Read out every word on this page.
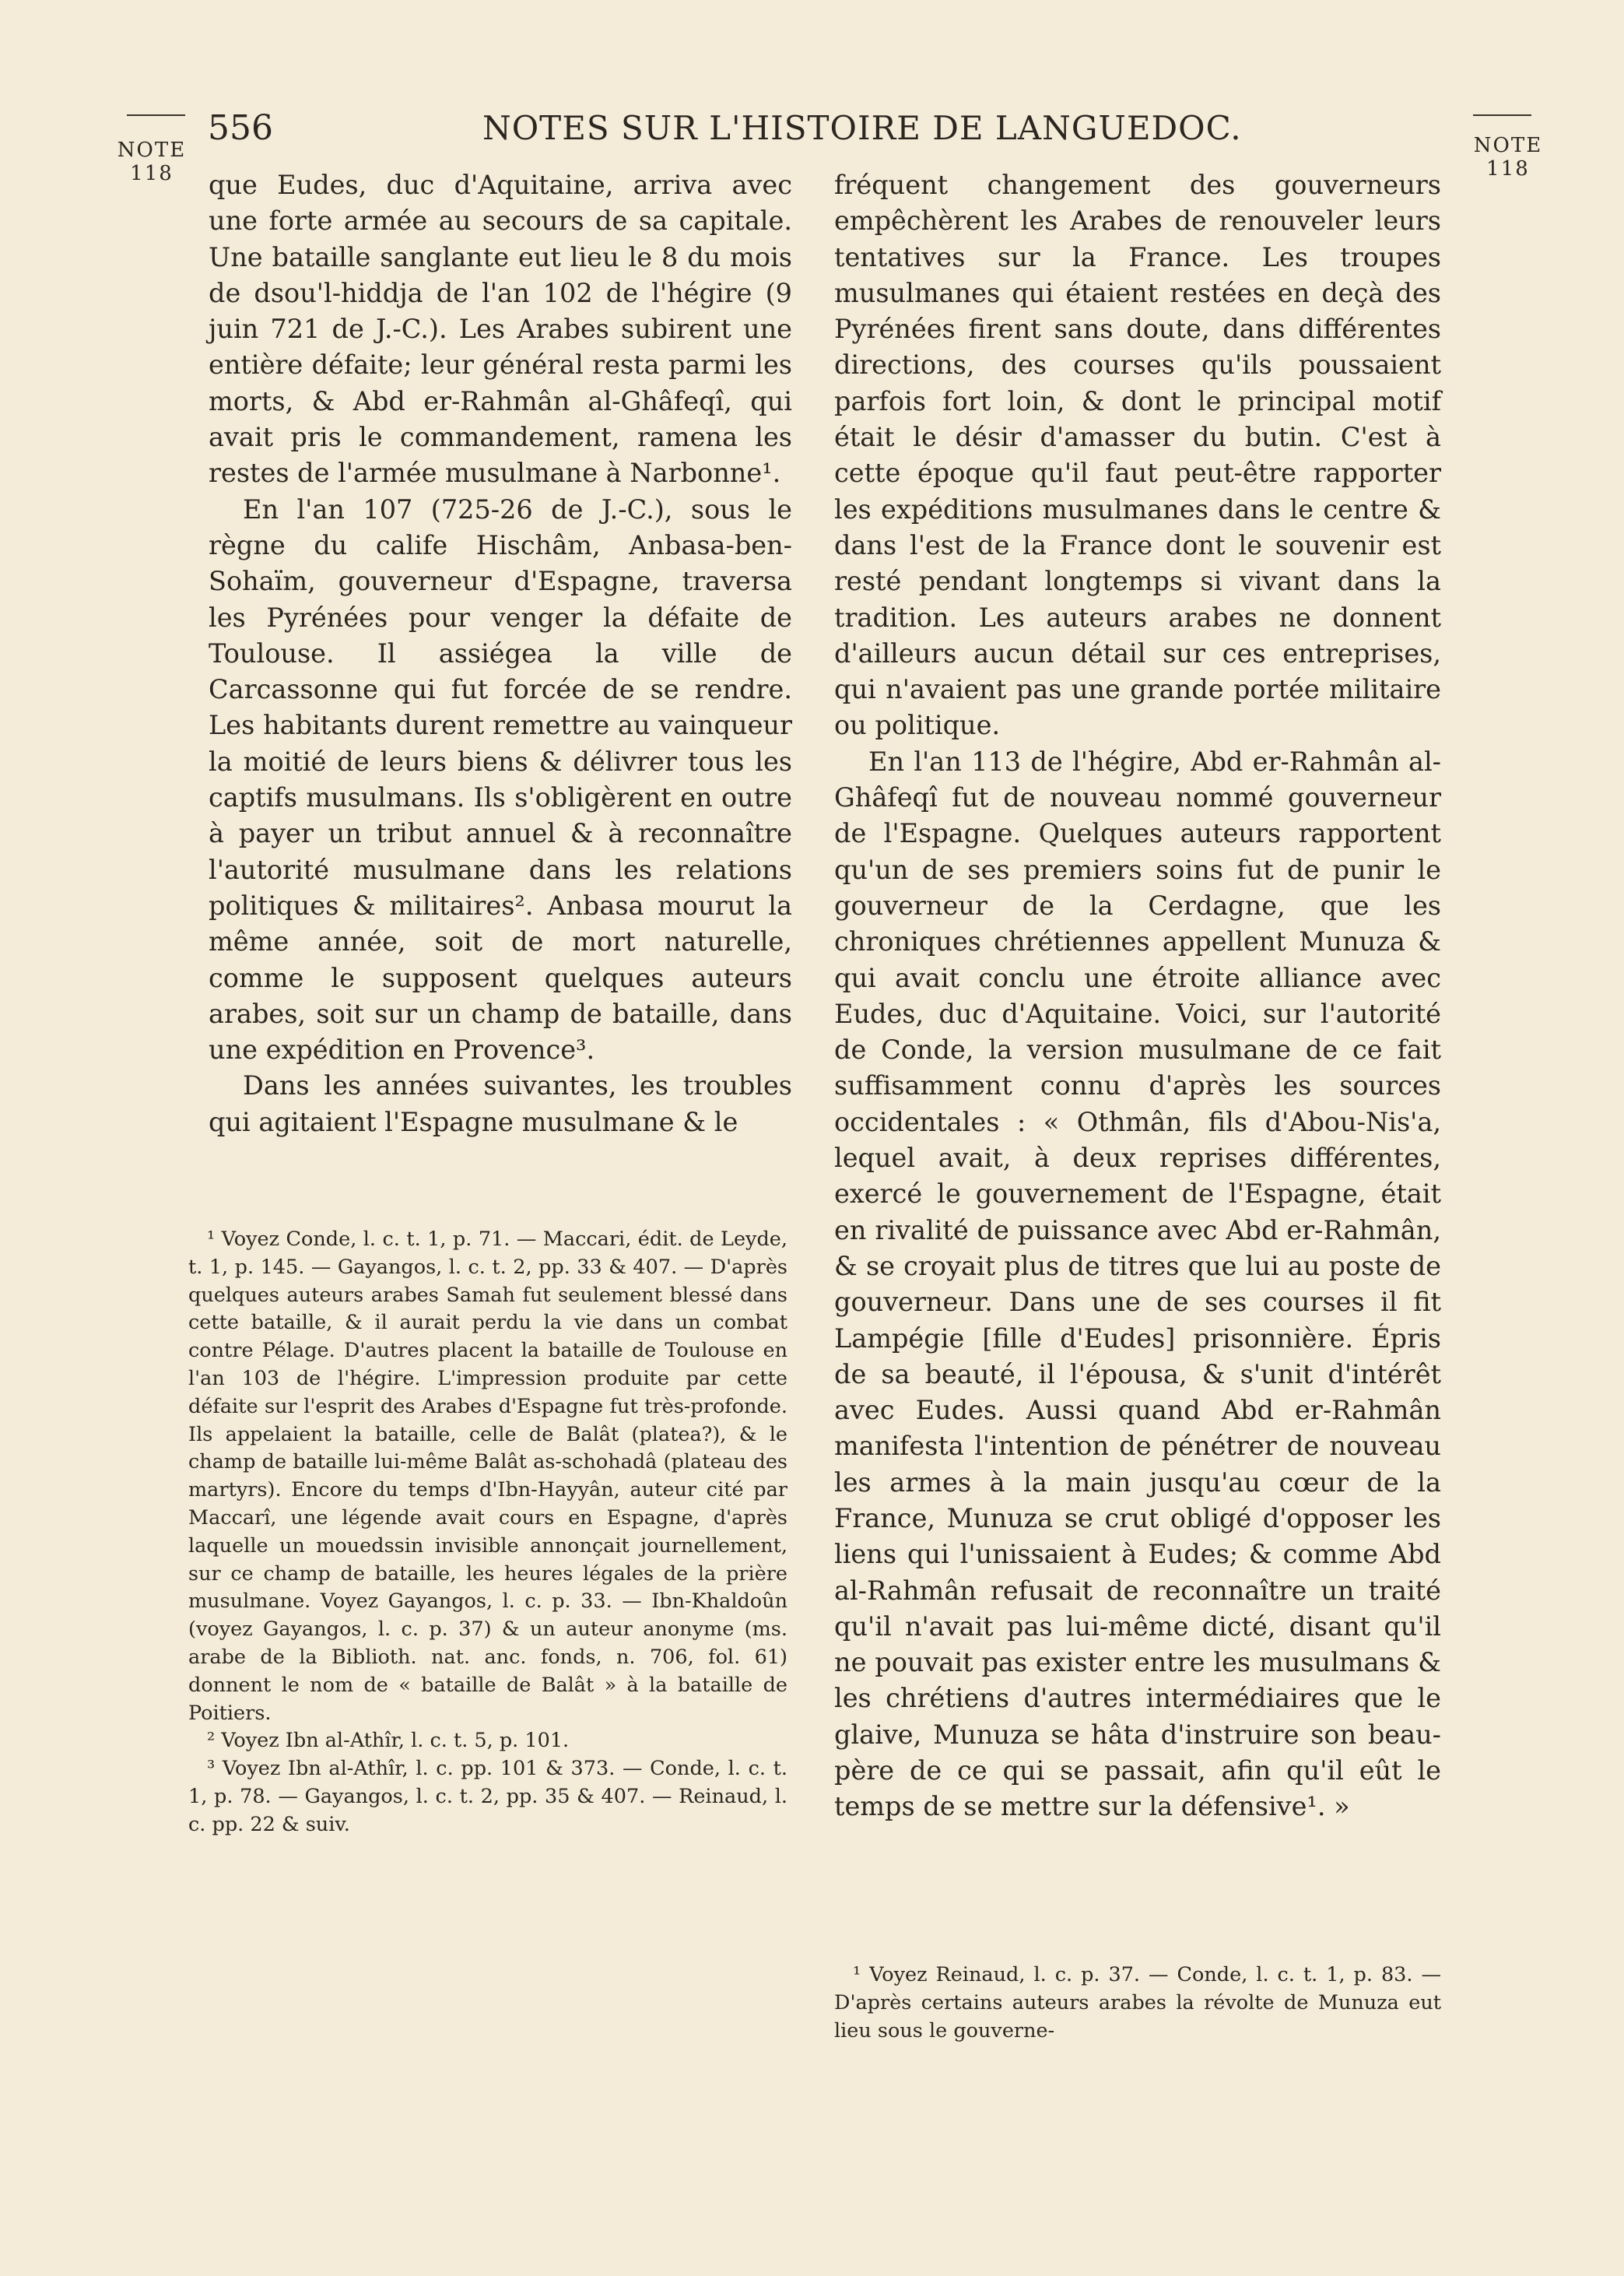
NOTE
118
NOTE
118
556	NOTES SUR L'HISTOIRE DE LANGUEDOC.

que Eudes, duc d'Aquitaine, arriva avec une forte armée au secours de sa capitale. Une bataille sanglante eut lieu le 8 du mois de dsou'l-hiddja de l'an 102 de l'hégire (9 juin 721 de J.-C.). Les Arabes subirent une entière défaite; leur général resta parmi les morts, & Abd er-Rahmân al-Ghâfeqî, qui avait pris le commandement, ramena les restes de l'armée musulmane à Narbonne¹.

En l'an 107 (725-26 de J.-C.), sous le règne du calife Hischâm, Anbasa-ben-Sohaïm, gouverneur d'Espagne, traversa les Pyrénées pour venger la défaite de Toulouse. Il assiégea la ville de Carcassonne qui fut forcée de se rendre. Les habitants durent remettre au vainqueur la moitié de leurs biens & délivrer tous les captifs musulmans. Ils s'obligèrent en outre à payer un tribut annuel & à reconnaître l'autorité musulmane dans les relations politiques & militaires². Anbasa mourut la même année, soit de mort naturelle, comme le supposent quelques auteurs arabes, soit sur un champ de bataille, dans une expédition en Provence³.

Dans les années suivantes, les troubles qui agitaient l'Espagne musulmane & le

fréquent changement des gouverneurs empêchèrent les Arabes de renouveler leurs tentatives sur la France. Les troupes musulmanes qui étaient restées en deçà des Pyrénées firent sans doute, dans différentes directions, des courses qu'ils poussaient parfois fort loin, & dont le principal motif était le désir d'amasser du butin. C'est à cette époque qu'il faut peut-être rapporter les expéditions musulmanes dans le centre & dans l'est de la France dont le souvenir est resté pendant longtemps si vivant dans la tradition. Les auteurs arabes ne donnent d'ailleurs aucun détail sur ces entreprises, qui n'avaient pas une grande portée militaire ou politique.

En l'an 113 de l'hégire, Abd er-Rahmân al-Ghâfeqî fut de nouveau nommé gouverneur de l'Espagne. Quelques auteurs rapportent qu'un de ses premiers soins fut de punir le gouverneur de la Cerdagne, que les chroniques chrétiennes appellent Munuza & qui avait conclu une étroite alliance avec Eudes, duc d'Aquitaine. Voici, sur l'autorité de Conde, la version musulmane de ce fait suffisamment connu d'après les sources occidentales : « Othmân, fils d'Abou-Nis'a, lequel avait, à deux reprises différentes, exercé le gouvernement de l'Espagne, était en rivalité de puissance avec Abd er-Rahmân, & se croyait plus de titres que lui au poste de gouverneur. Dans une de ses courses il fit Lampégie [fille d'Eudes] prisonnière. Épris de sa beauté, il l'épousa, & s'unit d'intérêt avec Eudes. Aussi quand Abd er-Rahmân manifesta l'intention de pénétrer de nouveau les armes à la main jusqu'au cœur de la France, Munuza se crut obligé d'opposer les liens qui l'unissaient à Eudes; & comme Abd al-Rahmân refusait de reconnaître un traité qu'il n'avait pas lui-même dicté, disant qu'il ne pouvait pas exister entre les musulmans & les chrétiens d'autres intermédiaires que le glaive, Munuza se hâta d'instruire son beau-père de ce qui se passait, afin qu'il eût le temps de se mettre sur la défensive¹. »

¹ Voyez Conde, l. c. t. 1, p. 71. — Maccari, édit. de Leyde, t. 1, p. 145. — Gayangos, l. c. t. 2, pp. 33 & 407. — D'après quelques auteurs arabes Samah fut seulement blessé dans cette bataille, & il aurait perdu la vie dans un combat contre Pélage. D'autres placent la bataille de Toulouse en l'an 103 de l'hégire. L'impression produite par cette défaite sur l'esprit des Arabes d'Espagne fut très-profonde. Ils appelaient la bataille, celle de Balât (platea?), & le champ de bataille lui-même Balât as-schohadâ (plateau des martyrs). Encore du temps d'Ibn-Hayyân, auteur cité par Maccarî, une légende avait cours en Espagne, d'après laquelle un mouedssin invisible annonçait journellement, sur ce champ de bataille, les heures légales de la prière musulmane. Voyez Gayangos, l. c. p. 33. — Ibn-Khaldoûn (voyez Gayangos, l. c. p. 37) & un auteur anonyme (ms. arabe de la Biblioth. nat. anc. fonds, n. 706, fol. 61) donnent le nom de « bataille de Balât » à la bataille de Poitiers.

² Voyez Ibn al-Athîr, l. c. t. 5, p. 101.

³ Voyez Ibn al-Athîr, l. c. pp. 101 & 373. — Conde, l. c. t. 1, p. 78. — Gayangos, l. c. t. 2, pp. 35 & 407. — Reinaud, l. c. pp. 22 & suiv.

¹ Voyez Reinaud, l. c. p. 37. — Conde, l. c. t. 1, p. 83. — D'après certains auteurs arabes la révolte de Munuza eut lieu sous le gouverne-
